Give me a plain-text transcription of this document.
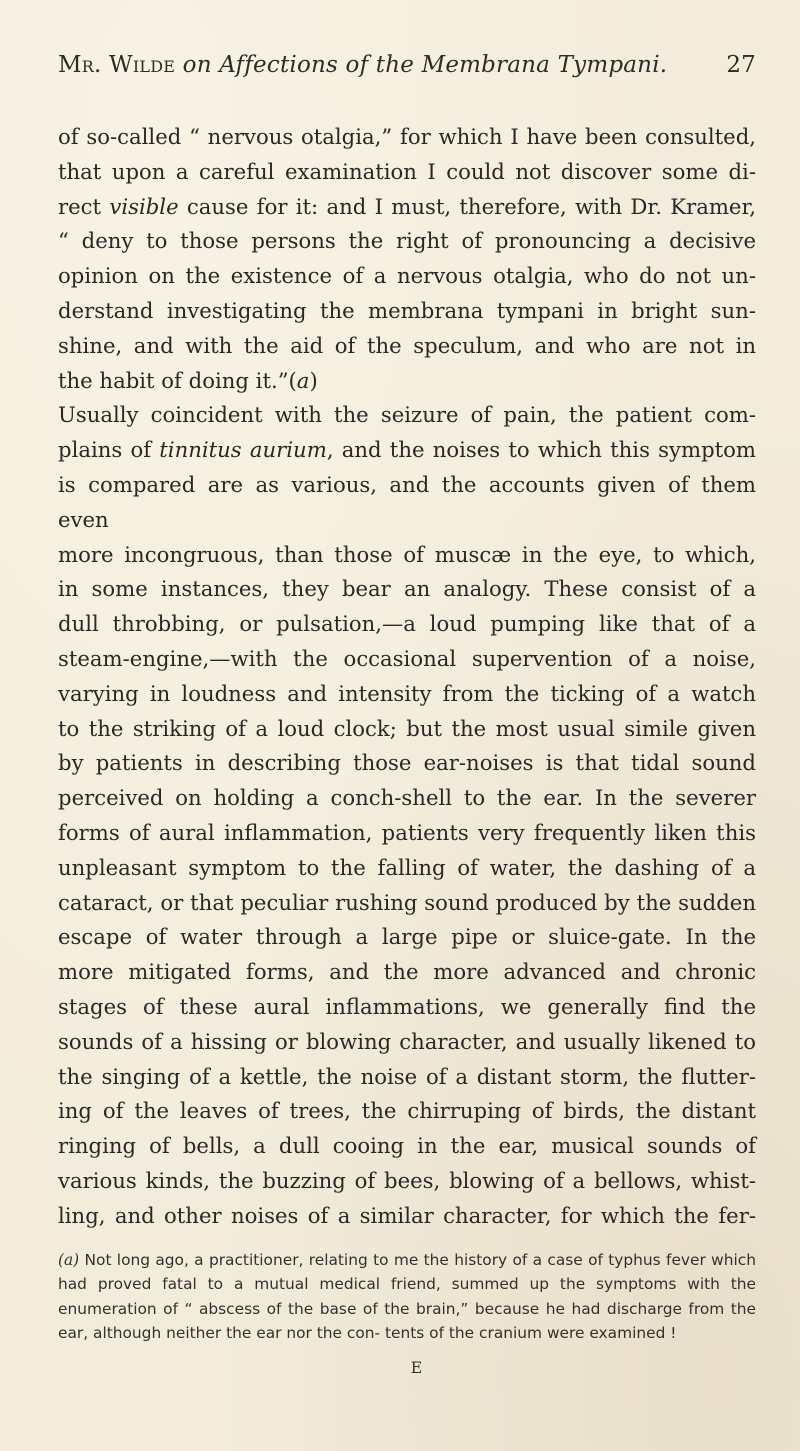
Mr. Wilde on Affections of the Membrana Tympani.	27

of so-called “ nervous otalgia,” for which I have been consulted,
that upon a careful examination I could not discover some di-
rect visible cause for it: and I must, therefore, with Dr. Kramer,
“ deny to those persons the right of pronouncing a decisive
opinion on the existence of a nervous otalgia, who do not un-
derstand investigating the membrana tympani in bright sun-
shine, and with the aid of the speculum, and who are not in
the habit of doing it.”(a)

Usually coincident with the seizure of pain, the patient com-
plains of tinnitus aurium, and the noises to which this symptom
is compared are as various, and the accounts given of them even
more incongruous, than those of muscæ in the eye, to which,
in some instances, they bear an analogy. These consist of a
dull throbbing, or pulsation,—a loud pumping like that of a
steam-engine,—with the occasional supervention of a noise,
varying in loudness and intensity from the ticking of a watch
to the striking of a loud clock; but the most usual simile given
by patients in describing those ear-noises is that tidal sound
perceived on holding a conch-shell to the ear. In the severer
forms of aural inflammation, patients very frequently liken this
unpleasant symptom to the falling of water, the dashing of a
cataract, or that peculiar rushing sound produced by the sudden
escape of water through a large pipe or sluice-gate. In the
more mitigated forms, and the more advanced and chronic
stages of these aural inflammations, we generally find the
sounds of a hissing or blowing character, and usually likened to
the singing of a kettle, the noise of a distant storm, the flutter-
ing of the leaves of trees, the chirruping of birds, the distant
ringing of bells, a dull cooing in the ear, musical sounds of
various kinds, the buzzing of bees, blowing of a bellows, whist-
ling, and other noises of a similar character, for which the fer-

(a) Not long ago, a practitioner, relating to me the history of a case of typhus fever which had proved fatal to a mutual medical friend, summed up the symptoms with the enumeration of “ abscess of the base of the brain,” because he had discharge from the ear, although neither the ear nor the con- tents of the cranium were examined !
E
